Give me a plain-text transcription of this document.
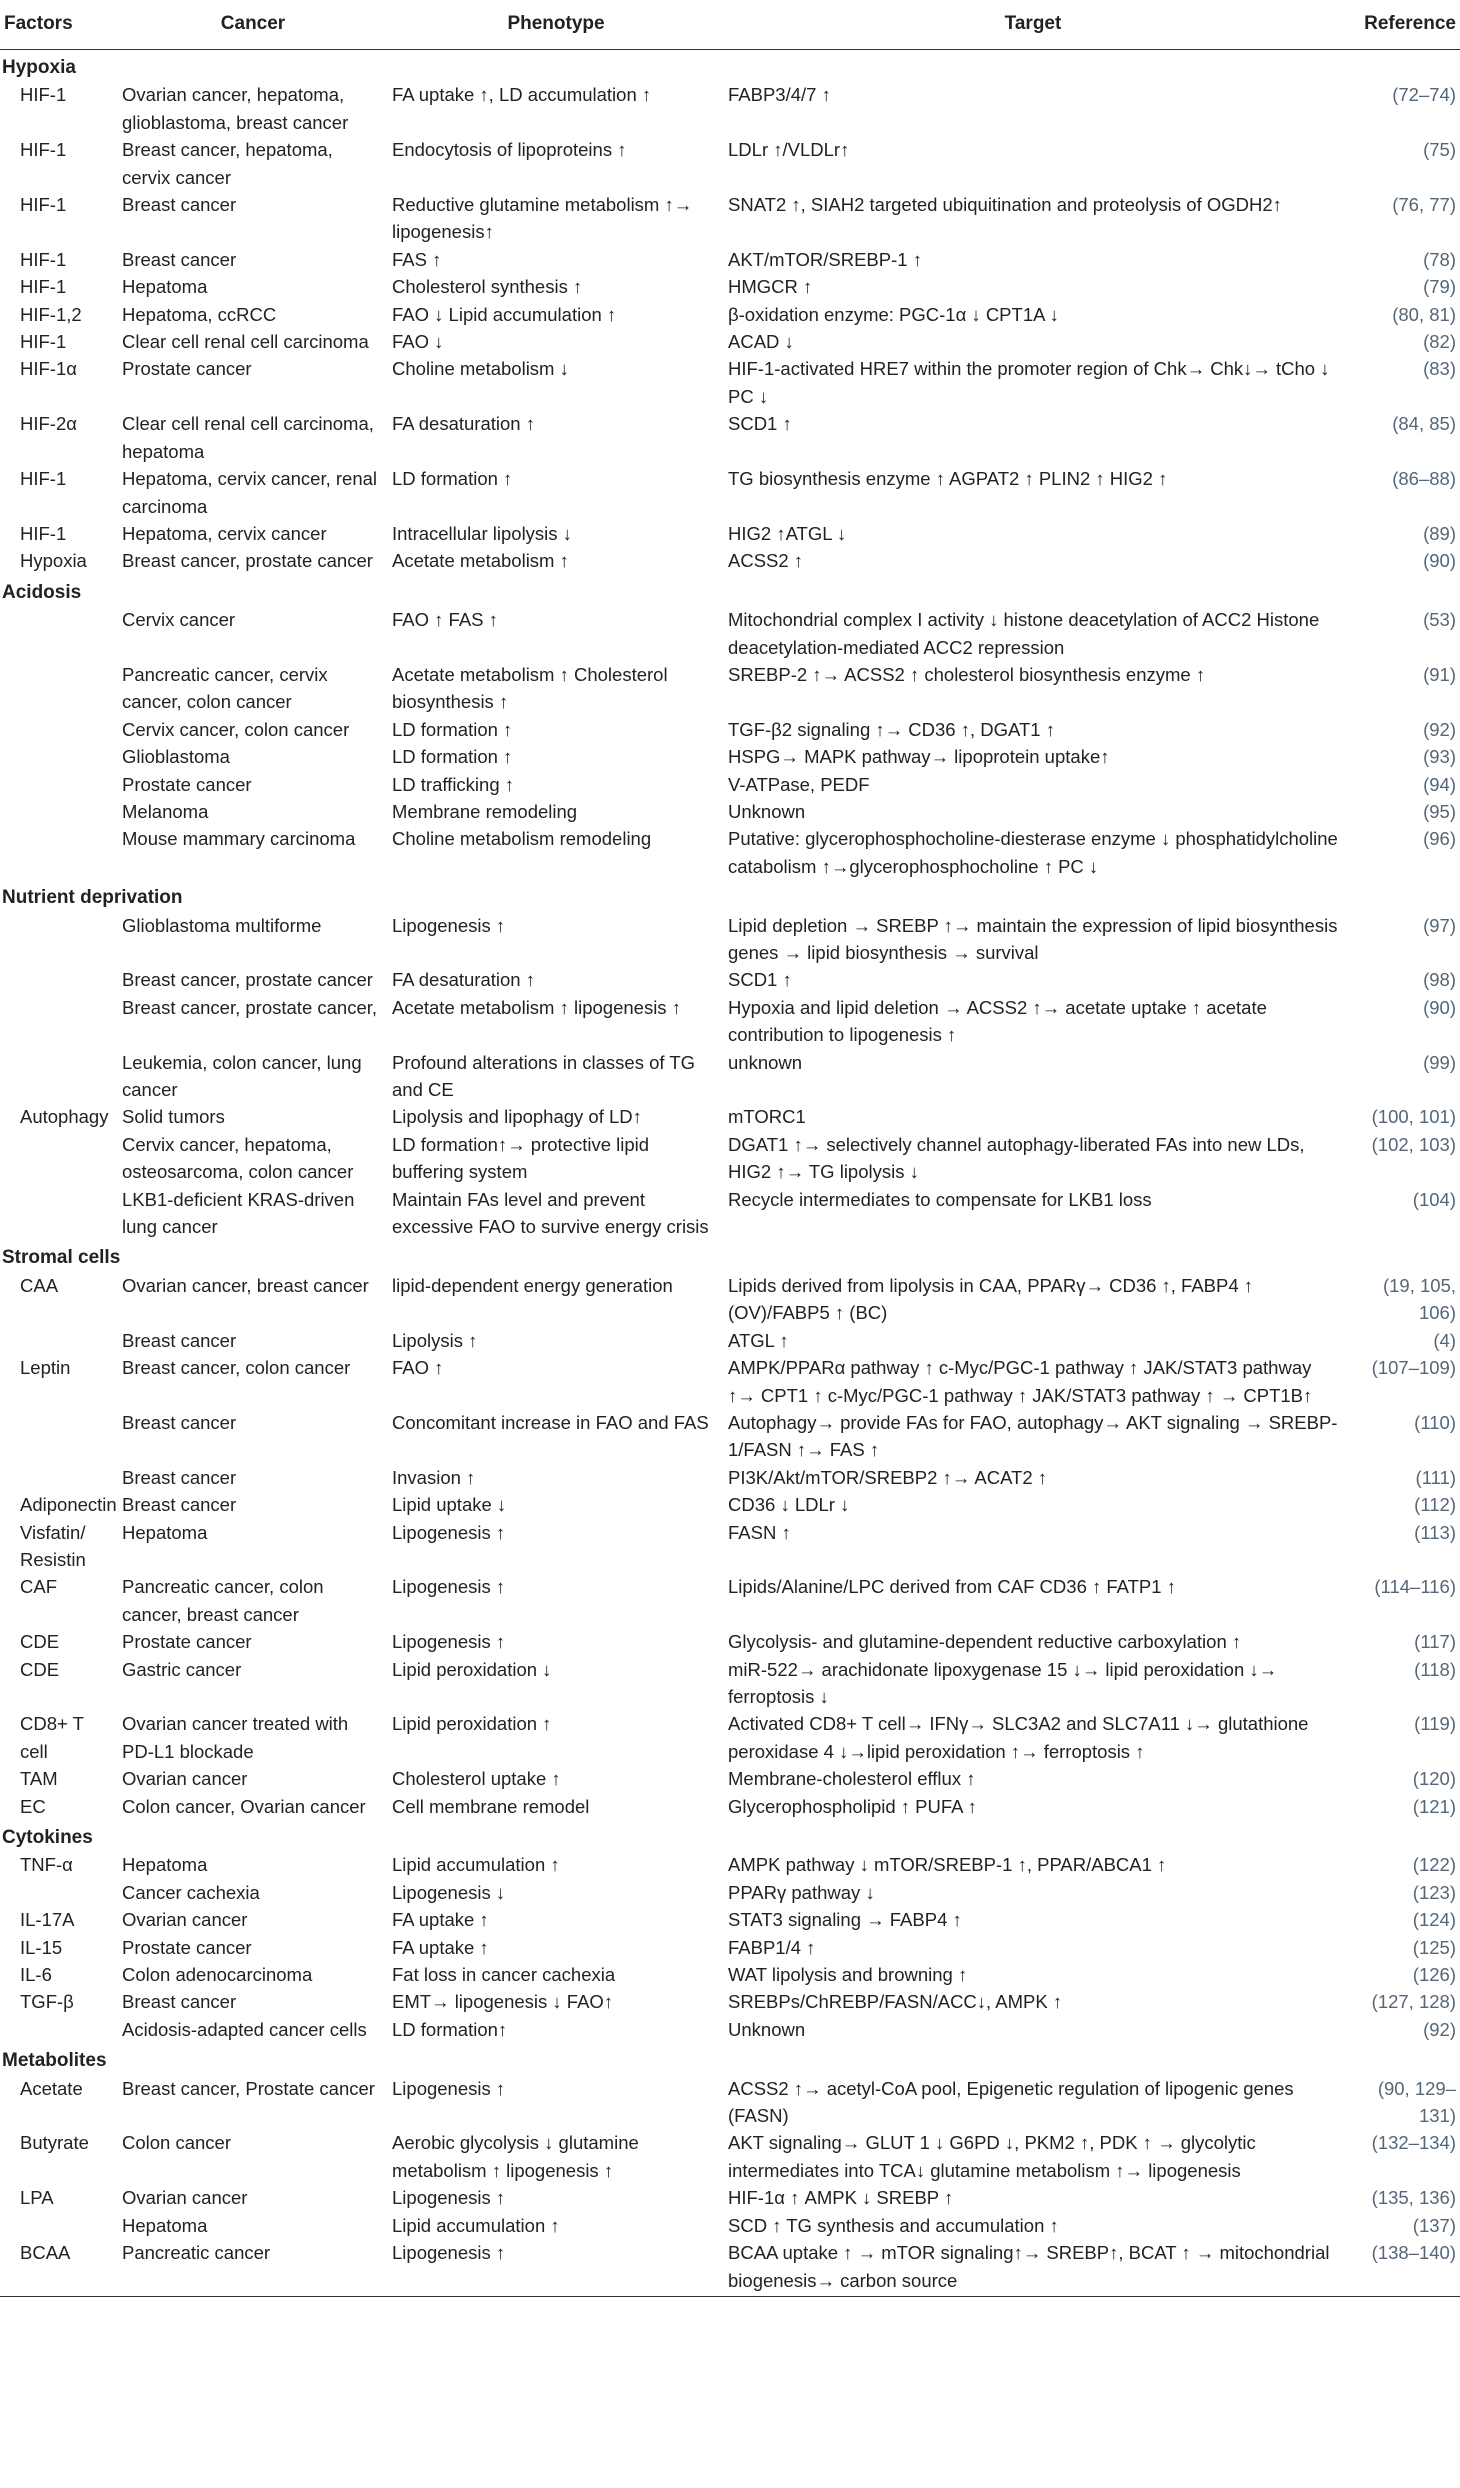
Factors	Cancer	Phenotype	Target	Reference
Hypoxia				
HIF-1	Ovarian cancer, hepatoma, glioblastoma, breast cancer	FA uptake ↑, LD accumulation ↑	FABP3/4/7 ↑	(72–74)
HIF-1	Breast cancer, hepatoma, cervix cancer	Endocytosis of lipoproteins ↑	LDLr ↑/VLDLr↑	(75)
HIF-1	Breast cancer	Reductive glutamine metabolism ↑→ lipogenesis↑	SNAT2 ↑, SIAH2 targeted ubiquitination and proteolysis of OGDH2↑	(76, 77)
HIF-1	Breast cancer	FAS ↑	AKT/mTOR/SREBP-1 ↑	(78)
HIF-1	Hepatoma	Cholesterol synthesis ↑	HMGCR ↑	(79)
HIF-1,2	Hepatoma, ccRCC	FAO ↓ Lipid accumulation ↑	β-oxidation enzyme: PGC-1α ↓ CPT1A ↓	(80, 81)
HIF-1	Clear cell renal cell carcinoma	FAO ↓	ACAD ↓	(82)
HIF-1α	Prostate cancer	Choline metabolism ↓	HIF-1-activated HRE7 within the promoter region of Chk→ Chk↓→ tCho ↓ PC ↓	(83)
HIF-2α	Clear cell renal cell carcinoma, hepatoma	FA desaturation ↑	SCD1 ↑	(84, 85)
HIF-1	Hepatoma, cervix cancer, renal carcinoma	LD formation ↑	TG biosynthesis enzyme ↑ AGPAT2 ↑ PLIN2 ↑ HIG2 ↑	(86–88)
HIF-1	Hepatoma, cervix cancer	Intracellular lipolysis ↓	HIG2 ↑ATGL ↓	(89)
Hypoxia	Breast cancer, prostate cancer	Acetate metabolism ↑	ACSS2 ↑	(90)
Acidosis				
	Cervix cancer	FAO ↑ FAS ↑	Mitochondrial complex I activity ↓ histone deacetylation of ACC2 Histone deacetylation-mediated ACC2 repression	(53)
	Pancreatic cancer, cervix cancer, colon cancer	Acetate metabolism ↑ Cholesterol biosynthesis ↑	SREBP-2 ↑→ ACSS2 ↑ cholesterol biosynthesis enzyme ↑	(91)
	Cervix cancer, colon cancer	LD formation ↑	TGF-β2 signaling ↑→ CD36 ↑, DGAT1 ↑	(92)
	Glioblastoma	LD formation ↑	HSPG→ MAPK pathway→ lipoprotein uptake↑	(93)
	Prostate cancer	LD trafficking ↑	V-ATPase, PEDF	(94)
	Melanoma	Membrane remodeling	Unknown	(95)
	Mouse mammary carcinoma	Choline metabolism remodeling	Putative: glycerophosphocholine-diesterase enzyme ↓ phosphatidylcholine catabolism ↑→glycerophosphocholine ↑ PC ↓	(96)
Nutrient deprivation				
	Glioblastoma multiforme	Lipogenesis ↑	Lipid depletion → SREBP ↑→ maintain the expression of lipid biosynthesis genes → lipid biosynthesis → survival	(97)
	Breast cancer, prostate cancer	FA desaturation ↑	SCD1 ↑	(98)
	Breast cancer, prostate cancer,	Acetate metabolism ↑ lipogenesis ↑	Hypoxia and lipid deletion → ACSS2 ↑→ acetate uptake ↑ acetate contribution to lipogenesis ↑	(90)
	Leukemia, colon cancer, lung cancer	Profound alterations in classes of TG and CE	unknown	(99)
Autophagy	Solid tumors	Lipolysis and lipophagy of LD↑	mTORC1	(100, 101)
	Cervix cancer, hepatoma, osteosarcoma, colon cancer	LD formation↑→ protective lipid buffering system	DGAT1 ↑→ selectively channel autophagy-liberated FAs into new LDs, HIG2 ↑→ TG lipolysis ↓	(102, 103)
	LKB1-deficient KRAS-driven lung cancer	Maintain FAs level and prevent excessive FAO to survive energy crisis	Recycle intermediates to compensate for LKB1 loss	(104)
Stromal cells				
CAA	Ovarian cancer, breast cancer	lipid-dependent energy generation	Lipids derived from lipolysis in CAA, PPARγ→ CD36 ↑, FABP4 ↑ (OV)/FABP5 ↑ (BC)	(19, 105, 106)
	Breast cancer	Lipolysis ↑	ATGL ↑	(4)
Leptin	Breast cancer, colon cancer	FAO ↑	AMPK/PPARα pathway ↑ c-Myc/PGC-1 pathway ↑ JAK/STAT3 pathway ↑→ CPT1 ↑ c-Myc/PGC-1 pathway ↑ JAK/STAT3 pathway ↑ → CPT1B↑	(107–109)
	Breast cancer	Concomitant increase in FAO and FAS	Autophagy→ provide FAs for FAO, autophagy→ AKT signaling → SREBP-1/FASN ↑→ FAS ↑	(110)
	Breast cancer	Invasion ↑	PI3K/Akt/mTOR/SREBP2 ↑→ ACAT2 ↑	(111)
Adiponectin	Breast cancer	Lipid uptake ↓	CD36 ↓ LDLr ↓	(112)
Visfatin/ Resistin	Hepatoma	Lipogenesis ↑	FASN ↑	(113)
CAF	Pancreatic cancer, colon cancer, breast cancer	Lipogenesis ↑	Lipids/Alanine/LPC derived from CAF CD36 ↑ FATP1 ↑	(114–116)
CDE	Prostate cancer	Lipogenesis ↑	Glycolysis- and glutamine-dependent reductive carboxylation ↑	(117)
CDE	Gastric cancer	Lipid peroxidation ↓	miR-522→ arachidonate lipoxygenase 15 ↓→ lipid peroxidation ↓→ ferroptosis ↓	(118)
CD8+ T cell	Ovarian cancer treated with PD-L1 blockade	Lipid peroxidation ↑	Activated CD8+ T cell→ IFNγ→ SLC3A2 and SLC7A11 ↓→ glutathione peroxidase 4 ↓→lipid peroxidation ↑→ ferroptosis ↑	(119)
TAM	Ovarian cancer	Cholesterol uptake ↑	Membrane-cholesterol efflux ↑	(120)
EC	Colon cancer, Ovarian cancer	Cell membrane remodel	Glycerophospholipid ↑ PUFA ↑	(121)
Cytokines				
TNF-α	Hepatoma	Lipid accumulation ↑	AMPK pathway ↓ mTOR/SREBP-1 ↑, PPAR/ABCA1 ↑	(122)
	Cancer cachexia	Lipogenesis ↓	PPARγ pathway ↓	(123)
IL-17A	Ovarian cancer	FA uptake ↑	STAT3 signaling → FABP4 ↑	(124)
IL-15	Prostate cancer	FA uptake ↑	FABP1/4 ↑	(125)
IL-6	Colon adenocarcinoma	Fat loss in cancer cachexia	WAT lipolysis and browning ↑	(126)
TGF-β	Breast cancer	EMT→ lipogenesis ↓ FAO↑	SREBPs/ChREBP/FASN/ACC↓, AMPK ↑	(127, 128)
	Acidosis-adapted cancer cells	LD formation↑	Unknown	(92)
Metabolites				
Acetate	Breast cancer, Prostate cancer	Lipogenesis ↑	ACSS2 ↑→ acetyl-CoA pool, Epigenetic regulation of lipogenic genes (FASN)	(90, 129–131)
Butyrate	Colon cancer	Aerobic glycolysis ↓ glutamine metabolism ↑ lipogenesis ↑	AKT signaling→ GLUT 1 ↓ G6PD ↓, PKM2 ↑, PDK ↑ → glycolytic intermediates into TCA↓ glutamine metabolism ↑→ lipogenesis	(132–134)
LPA	Ovarian cancer	Lipogenesis ↑	HIF-1α ↑ AMPK ↓ SREBP ↑	(135, 136)
	Hepatoma	Lipid accumulation ↑	SCD ↑ TG synthesis and accumulation ↑	(137)
BCAA	Pancreatic cancer	Lipogenesis ↑	BCAA uptake ↑ → mTOR signaling↑→ SREBP↑, BCAT ↑ → mitochondrial biogenesis→ carbon source	(138–140)
